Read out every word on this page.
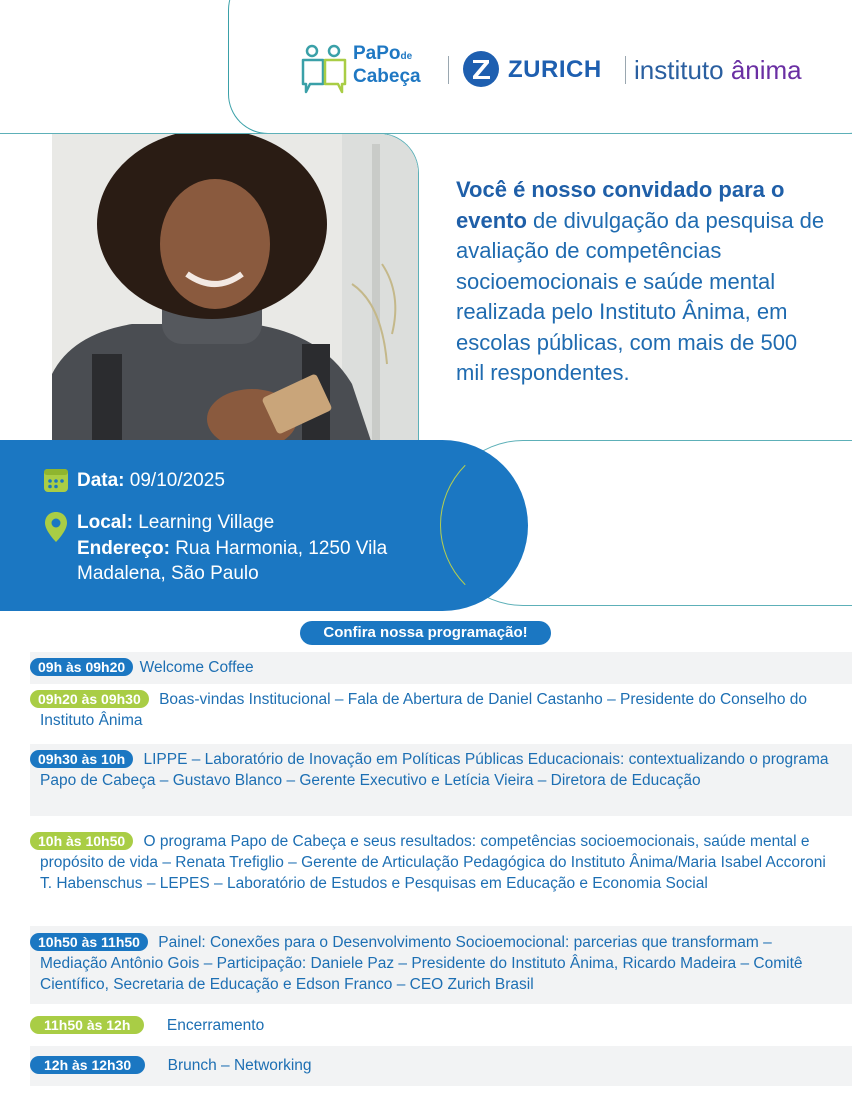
PaPode
Cabeça	ZURICH instituto ânima
Você é nosso convidado para o evento de divulgação da pesquisa de avaliação de competências socioemocionais e saúde mental realizada pelo Instituto Ânima, em escolas públicas, com mais de 500 mil respondentes.
Data: 09/10/2025
Local: Learning Village
Endereço: Rua Harmonia, 1250 Vila
Madalena, São Paulo
Confira nossa programação!
09h às 09h20 Welcome Coffee
09h20 às 09h30 Boas-vindas Institucional – Fala de Abertura de Daniel Castanho – Presidente do Conselho do Instituto Ânima
09h30 às 10h LIPPE – Laboratório de Inovação em Políticas Públicas Educacionais: contextualizando o programa Papo de Cabeça – Gustavo Blanco – Gerente Executivo e Letícia Vieira – Diretora de Educação
10h às 10h50 O programa Papo de Cabeça e seus resultados: competências socioemocionais, saúde mental e propósito de vida – Renata Trefiglio – Gerente de Articulação Pedagógica do Instituto Ânima/Maria Isabel Accoroni T. Habenschus – LEPES – Laboratório de Estudos e Pesquisas em Educação e Economia Social
10h50 às 11h50 Painel: Conexões para o Desenvolvimento Socioemocional: parcerias que transformam – Mediação Antônio Gois – Participação: Daniele Paz – Presidente do Instituto Ânima, Ricardo Madeira – Comitê Científico, Secretaria de Educação e Edson Franco – CEO Zurich Brasil
11h50 às 12h Encerramento
12h às 12h30 Brunch – Networking
